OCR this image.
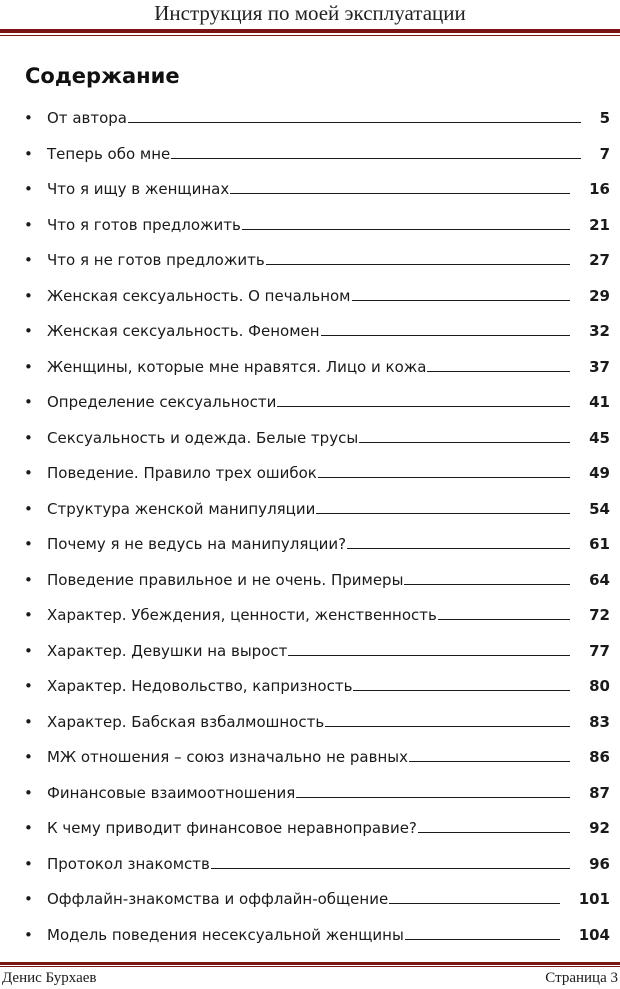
Инструкция по моей эксплуатации
Содержание
• От автора	5
• Теперь обо мне	7
• Что я ищу в женщинах	16
• Что я готов предложить	21
• Что я не готов предложить	27
• Женская сексуальность. О печальном	29
• Женская сексуальность. Феномен	32
• Женщины, которые мне нравятся. Лицо и кожа	37
• Определение сексуальности	41
• Сексуальность и одежда. Белые трусы	45
• Поведение. Правило трех ошибок	49
• Структура женской манипуляции	54
• Почему я не ведусь на манипуляции?	61
• Поведение правильное и не очень. Примеры	64
• Характер. Убеждения, ценности, женственность	72
• Характер. Девушки на вырост	77
• Характер. Недовольство, капризность	80
• Характер. Бабская взбалмошность	83
• МЖ отношения – союз изначально не равных	86
• Финансовые взаимоотношения	87
• К чему приводит финансовое неравноправие?	92
• Протокол знакомств	96
• Оффлайн-знакомства и оффлайн-общение	101
• Модель поведения несексуальной женщины	104
Денис Бурхаев	Страница 3
